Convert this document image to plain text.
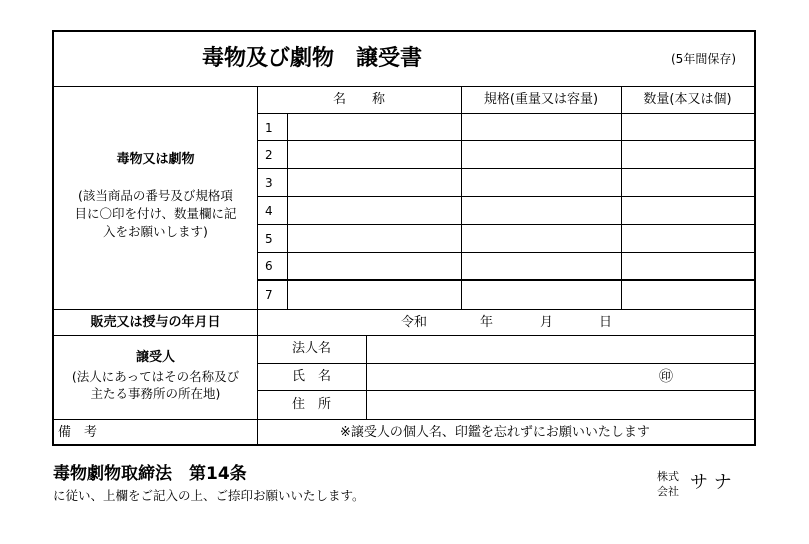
毒物及び劇物　譲受書	(5年間保存)
毒物又は劇物
(該当商品の番号及び規格項
目に〇印を付け、数量欄に記
入をお願いします)
名　　称	規格(重量又は容量)	数量(本又は個)
1
2
3
4
5
6
7
販売又は授与の年月日	令和	年	月	日
譲受人
(法人にあってはその名称及び
主たる事務所の所在地)
法人名
氏　名	㊞
住　所
備　考	※譲受人の個人名、印鑑を忘れずにお願いいたします
毒物劇物取締法　第14条
に従い、上欄をご記入の上、ご捺印お願いいたします。
株式
会社 サ ナ
